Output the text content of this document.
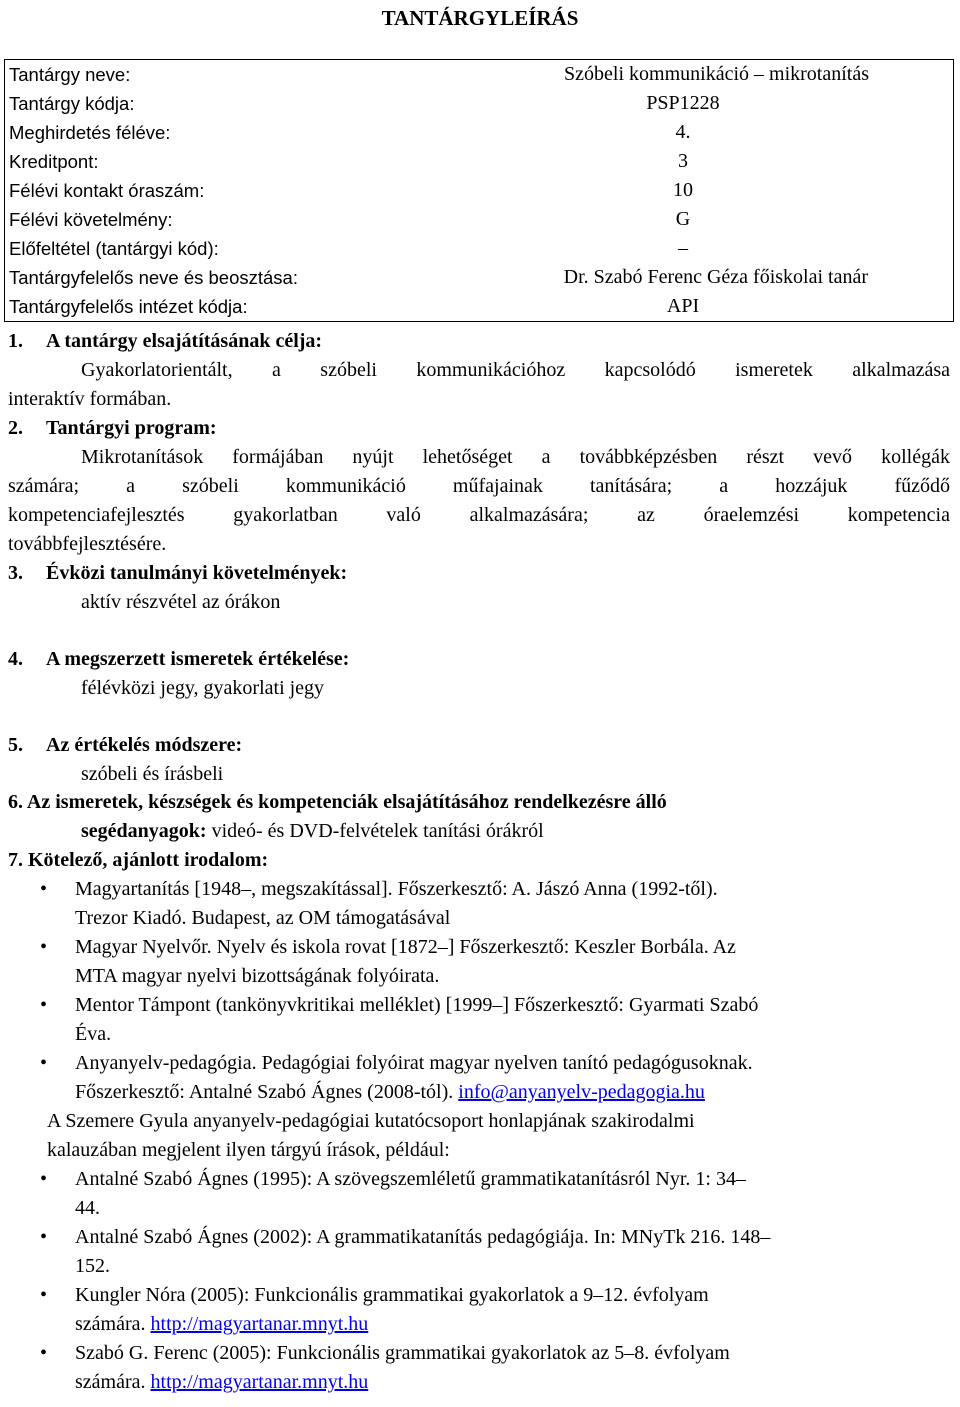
TANTÁRGYLEÍRÁS
Tantárgy neve:	Szóbeli kommunikáció – mikrotanítás
Tantárgy kódja:	PSP1228
Meghirdetés féléve:	4.
Kreditpont:	3
Félévi kontakt óraszám:	10
Félévi követelmény:	G
Előfeltétel (tantárgyi kód):	–
Tantárgyfelelős neve és beosztása:	Dr. Szabó Ferenc Géza főiskolai tanár
Tantárgyfelelős intézet kódja:	API
1. A tantárgy elsajátításának célja:
Gyakorlatorientált, a szóbeli kommunikációhoz kapcsolódó ismeretek alkalmazása
interaktív formában.
2. Tantárgyi program:
Mikrotanítások formájában nyújt lehetőséget a továbbképzésben részt vevő kollégák
számára; a szóbeli kommunikáció műfajainak tanítására; a hozzájuk fűződő
kompetenciafejlesztés gyakorlatban való alkalmazására; az óraelemzési kompetencia
továbbfejlesztésére.
3. Évközi tanulmányi követelmények:
aktív részvétel az órákon
4. A megszerzett ismeretek értékelése:
félévközi jegy, gyakorlati jegy
5. Az értékelés módszere:
szóbeli és írásbeli
6. Az ismeretek, készségek és kompetenciák elsajátításához rendelkezésre álló
segédanyagok: videó- és DVD-felvételek tanítási órákról
7. Kötelező, ajánlott irodalom:
• Magyartanítás [1948–, megszakítással]. Főszerkesztő: A. Jászó Anna (1992-től).
Trezor Kiadó. Budapest, az OM támogatásával
• Magyar Nyelvőr. Nyelv és iskola rovat [1872–] Főszerkesztő: Keszler Borbála. Az
MTA magyar nyelvi bizottságának folyóirata.
• Mentor Támpont (tankönyvkritikai melléklet) [1999–] Főszerkesztő: Gyarmati Szabó
Éva.
• Anyanyelv-pedagógia. Pedagógiai folyóirat magyar nyelven tanító pedagógusoknak.
Főszerkesztő: Antalné Szabó Ágnes (2008-tól). info@anyanyelv-pedagogia.hu
A Szemere Gyula anyanyelv-pedagógiai kutatócsoport honlapjának szakirodalmi
kalauzában megjelent ilyen tárgyú írások, például:
• Antalné Szabó Ágnes (1995): A szövegszemléletű grammatikatanításról Nyr. 1: 34–
44.
• Antalné Szabó Ágnes (2002): A grammatikatanítás pedagógiája. In: MNyTk 216. 148–
152.
• Kungler Nóra (2005): Funkcionális grammatikai gyakorlatok a 9–12. évfolyam
számára. http://magyartanar.mnyt.hu
• Szabó G. Ferenc (2005): Funkcionális grammatikai gyakorlatok az 5–8. évfolyam
számára. http://magyartanar.mnyt.hu
